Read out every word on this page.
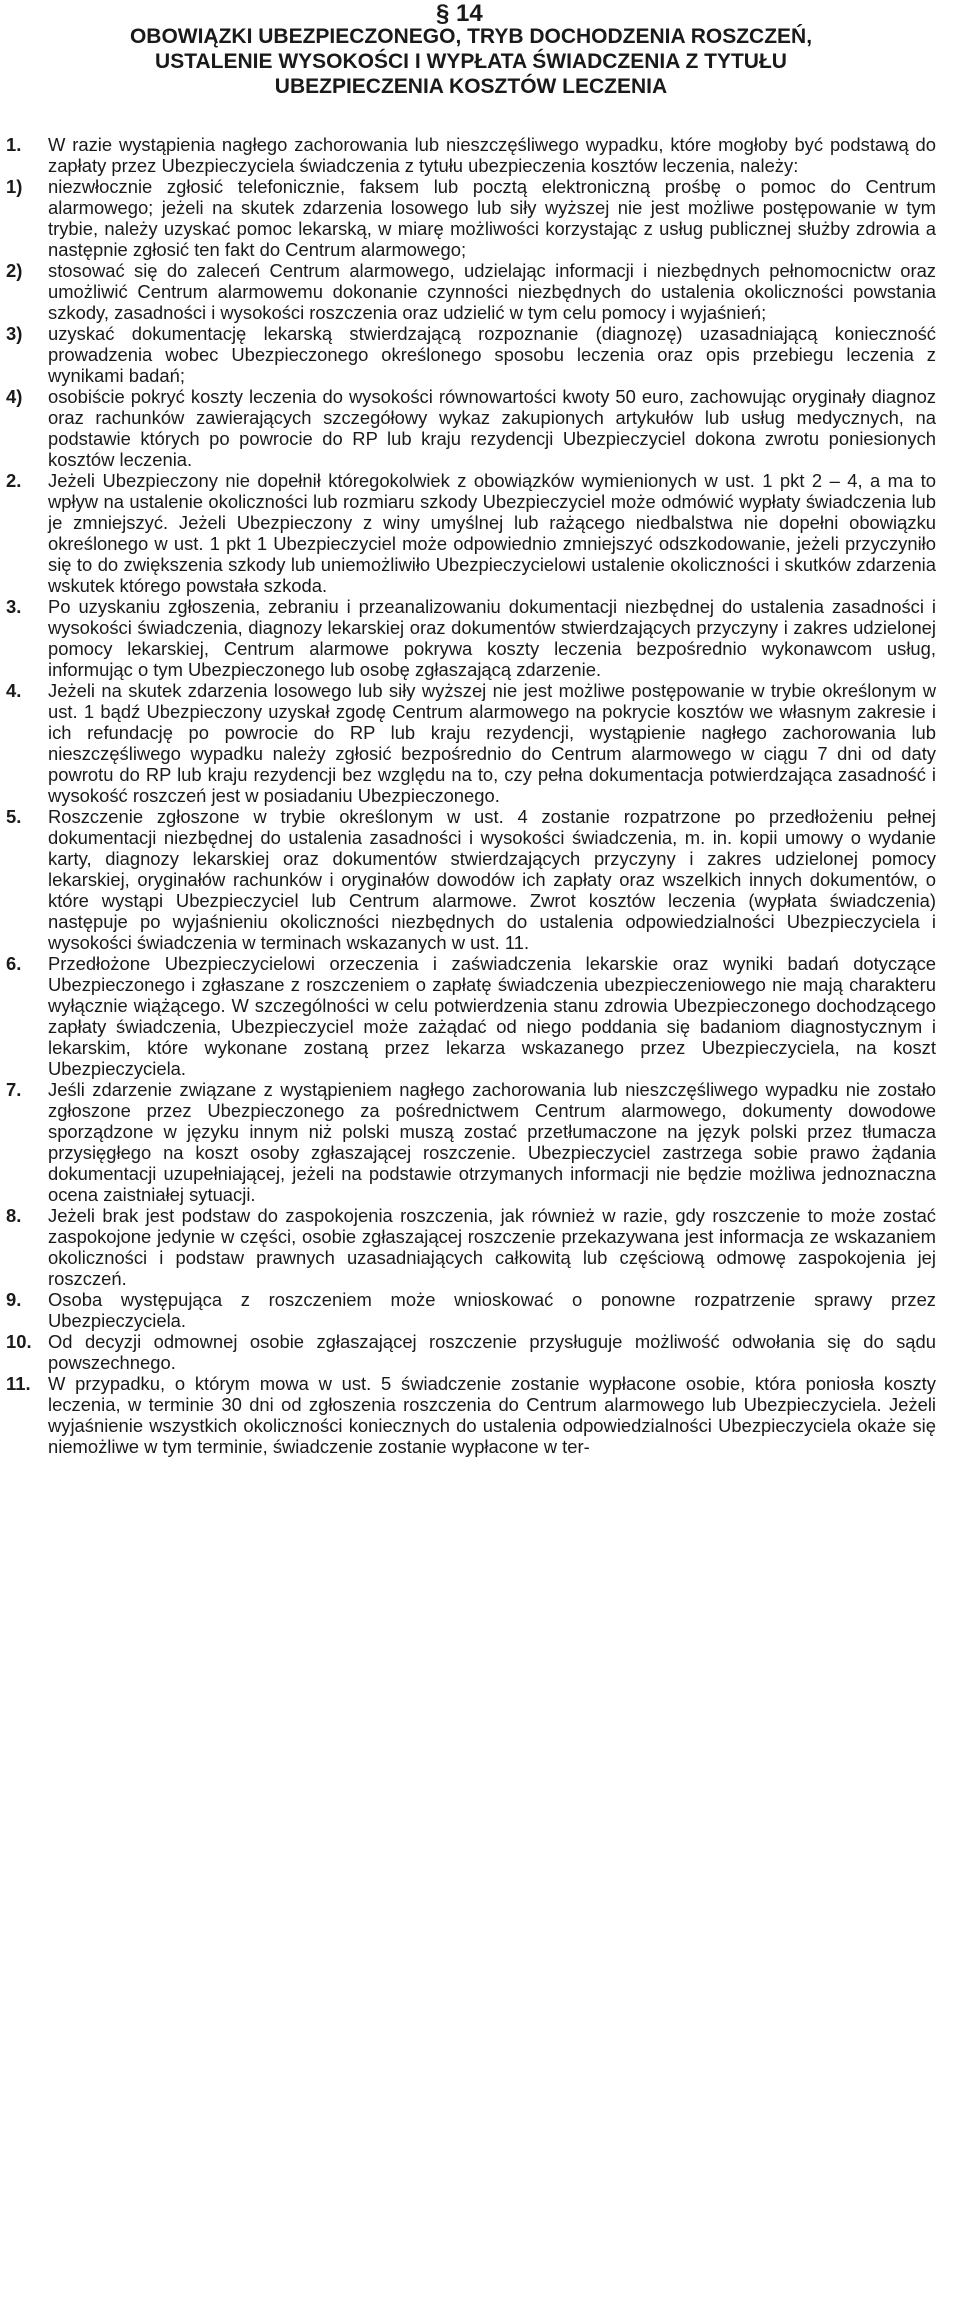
§ 14
OBOWIĄZKI UBEZPIECZONEGO, TRYB DOCHODZENIA ROSZCZEŃ,
USTALENIE WYSOKOŚCI I WYPŁATA ŚWIADCZENIA Z TYTUŁU
UBEZPIECZENIA KOSZTÓW LECZENIA
1. W razie wystąpienia nagłego zachorowania lub nieszczęśliwego wypadku, które mogłoby być podstawą do zapłaty przez Ubezpieczyciela świadczenia z tytułu ubezpieczenia kosztów leczenia, należy:
1) niezwłocznie zgłosić telefonicznie, faksem lub pocztą elektroniczną prośbę o pomoc do Centrum alarmowego; jeżeli na skutek zdarzenia losowego lub siły wyższej nie jest możliwe postępowanie w tym trybie, należy uzyskać pomoc lekarską, w miarę możliwości korzystając z usług publicznej służby zdrowia a następnie zgłosić ten fakt do Centrum alarmowego;
2) stosować się do zaleceń Centrum alarmowego, udzielając informacji i niezbędnych pełnomocnictw oraz umożliwić Centrum alarmowemu dokonanie czynności niezbędnych do ustalenia okoliczności powstania szkody, zasadności i wysokości roszczenia oraz udzielić w tym celu pomocy i wyjaśnień;
3) uzyskać dokumentację lekarską stwierdzającą rozpoznanie (diagnozę) uzasadniającą konieczność prowadzenia wobec Ubezpieczonego określonego sposobu leczenia oraz opis przebiegu leczenia z wynikami badań;
4) osobiście pokryć koszty leczenia do wysokości równowartości kwoty 50 euro, zachowując oryginały diagnoz oraz rachunków zawierających szczegółowy wykaz zakupionych artykułów lub usług medycznych, na podstawie których po powrocie do RP lub kraju rezydencji Ubezpieczyciel dokona zwrotu poniesionych kosztów leczenia.
2. Jeżeli Ubezpieczony nie dopełnił któregokolwiek z obowiązków wymienionych w ust. 1 pkt 2 – 4, a ma to wpływ na ustalenie okoliczności lub rozmiaru szkody Ubezpieczyciel może odmówić wypłaty świadczenia lub je zmniejszyć. Jeżeli Ubezpieczony z winy umyślnej lub rażącego niedbalstwa nie dopełni obowiązku określonego w ust. 1 pkt 1 Ubezpieczyciel może odpowiednio zmniejszyć odszkodowanie, jeżeli przyczyniło się to do zwiększenia szkody lub uniemożliwiło Ubezpieczycielowi ustalenie okoliczności i skutków zdarzenia wskutek którego powstała szkoda.
3. Po uzyskaniu zgłoszenia, zebraniu i przeanalizowaniu dokumentacji niezbędnej do ustalenia zasadności i wysokości świadczenia, diagnozy lekarskiej oraz dokumentów stwierdzających przyczyny i zakres udzielonej pomocy lekarskiej, Centrum alarmowe pokrywa koszty leczenia bezpośrednio wykonawcom usług, informując o tym Ubezpieczonego lub osobę zgłaszającą zdarzenie.
4. Jeżeli na skutek zdarzenia losowego lub siły wyższej nie jest możliwe postępowanie w trybie określonym w ust. 1 bądź Ubezpieczony uzyskał zgodę Centrum alarmowego na pokrycie kosztów we własnym zakresie i ich refundację po powrocie do RP lub kraju rezydencji, wystąpienie nagłego zachorowania lub nieszczęśliwego wypadku należy zgłosić bezpośrednio do Centrum alarmowego w ciągu 7 dni od daty powrotu do RP lub kraju rezydencji bez względu na to, czy pełna dokumentacja potwierdzająca zasadność i wysokość roszczeń jest w posiadaniu Ubezpieczonego.
5. Roszczenie zgłoszone w trybie określonym w ust. 4 zostanie rozpatrzone po przedłożeniu pełnej dokumentacji niezbędnej do ustalenia zasadności i wysokości świadczenia, m. in. kopii umowy o wydanie karty, diagnozy lekarskiej oraz dokumentów stwierdzających przyczyny i zakres udzielonej pomocy lekarskiej, oryginałów rachunków i oryginałów dowodów ich zapłaty oraz wszelkich innych dokumentów, o które wystąpi Ubezpieczyciel lub Centrum alarmowe. Zwrot kosztów leczenia (wypłata świadczenia) następuje po wyjaśnieniu okoliczności niezbędnych do ustalenia odpowiedzialności Ubezpieczyciela i wysokości świadczenia w terminach wskazanych w ust. 11.
6. Przedłożone Ubezpieczycielowi orzeczenia i zaświadczenia lekarskie oraz wyniki badań dotyczące Ubezpieczonego i zgłaszane z roszczeniem o zapłatę świadczenia ubezpieczeniowego nie mają charakteru wyłącznie wiążącego. W szczególności w celu potwierdzenia stanu zdrowia Ubezpieczonego dochodzącego zapłaty świadczenia, Ubezpieczyciel może zażądać od niego poddania się badaniom diagnostycznym i lekarskim, które wykonane zostaną przez lekarza wskazanego przez Ubezpieczyciela, na koszt Ubezpieczyciela.
7. Jeśli zdarzenie związane z wystąpieniem nagłego zachorowania lub nieszczęśliwego wypadku nie zostało zgłoszone przez Ubezpieczonego za pośrednictwem Centrum alarmowego, dokumenty dowodowe sporządzone w języku innym niż polski muszą zostać przetłumaczone na język polski przez tłumacza przysięgłego na koszt osoby zgłaszającej roszczenie. Ubezpieczyciel zastrzega sobie prawo żądania dokumentacji uzupełniającej, jeżeli na podstawie otrzymanych informacji nie będzie możliwa jednoznaczna ocena zaistniałej sytuacji.
8. Jeżeli brak jest podstaw do zaspokojenia roszczenia, jak również w razie, gdy roszczenie to może zostać zaspokojone jedynie w części, osobie zgłaszającej roszczenie przekazywana jest informacja ze wskazaniem okoliczności i podstaw prawnych uzasadniających całkowitą lub częściową odmowę zaspokojenia jej roszczeń.
9. Osoba występująca z roszczeniem może wnioskować o ponowne rozpatrzenie sprawy przez Ubezpieczyciela.
10. Od decyzji odmownej osobie zgłaszającej roszczenie przysługuje możliwość odwołania się do sądu powszechnego.
11. W przypadku, o którym mowa w ust. 5 świadczenie zostanie wypłacone osobie, która poniosła koszty leczenia, w terminie 30 dni od zgłoszenia roszczenia do Centrum alarmowego lub Ubezpieczyciela. Jeżeli wyjaśnienie wszystkich okoliczności koniecznych do ustalenia odpowiedzialności Ubezpieczyciela okaże się niemożliwe w tym terminie, świadczenie zostanie wypłacone w ter-
